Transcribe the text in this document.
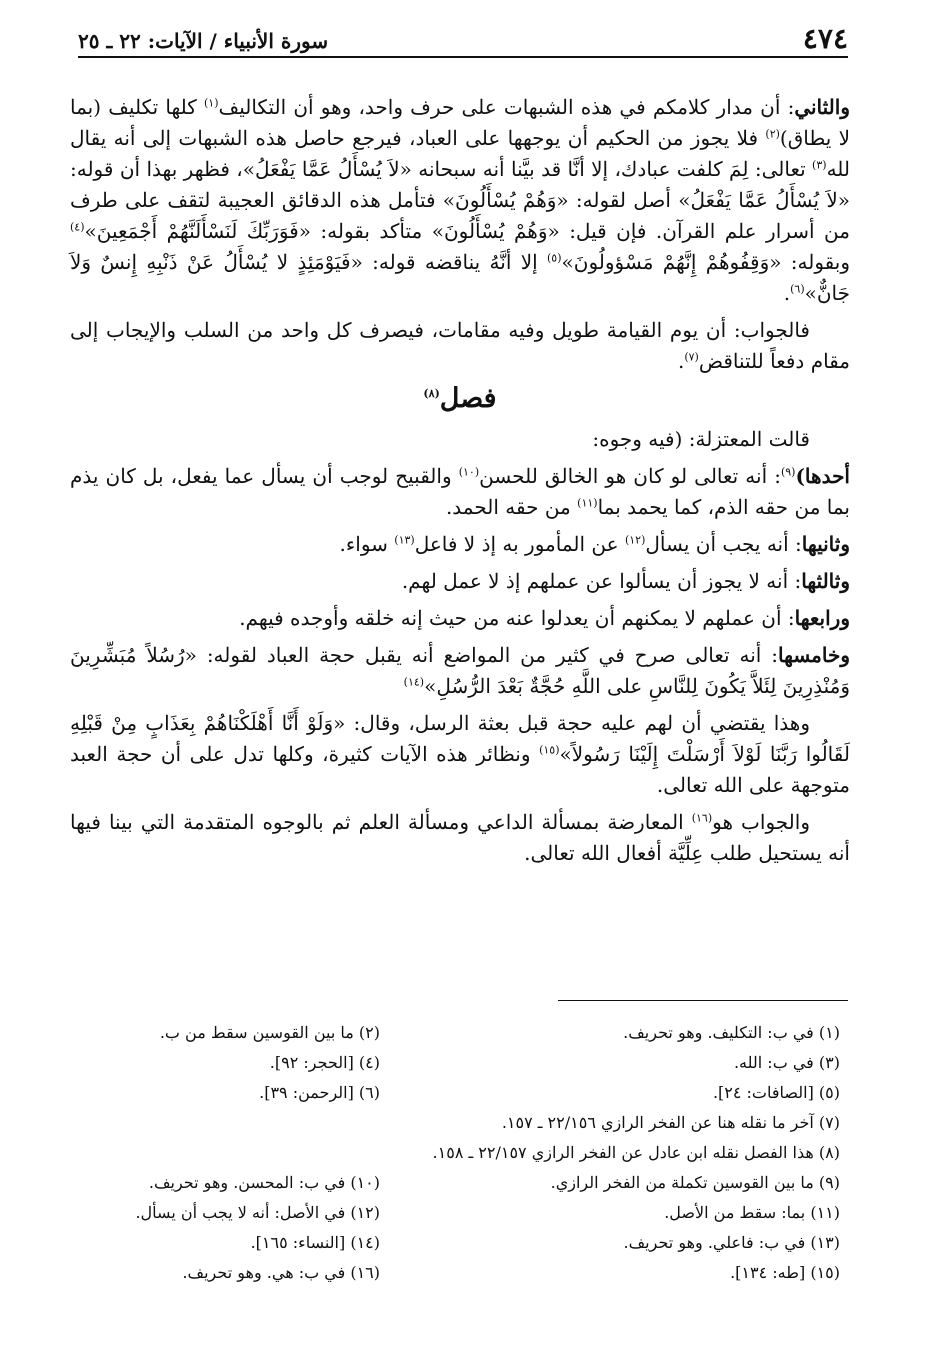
٤٧٤
سورة الأنبياء / الآيات: ٢٢ ـ ٢٥

والثاني: أن مدار كلامكم في هذه الشبهات على حرف واحد، وهو أن التكاليف$^{(١)}$ كلها تكليف (بما لا يطاق)$^{(٢)}$ فلا يجوز من الحكيم أن يوجهها على العباد، فيرجع حاصل هذه الشبهات إلى أنه يقال لله$^{(٣)}$ تعالى: لِمَ كلفت عبادك، إلا أنَّا قد بيَّنا أنه سبحانه «لاَ يُسْأَلُ عَمَّا يَفْعَلُ»، فظهر بهذا أن قوله: «لاَ يُسْأَلُ عَمَّا يَفْعَلُ» أصل لقوله: «وَهُمْ يُسْأَلُونَ» فتأمل هذه الدقائق العجيبة لتقف على طرف من أسرار علم القرآن. فإن قيل: «وَهُمْ يُسْأَلُونَ» متأكد بقوله: «فَوَرَبِّكَ لَنَسْأَلَنَّهُمْ أَجْمَعِينَ»$^{(٤)}$ وبقوله: «وَقِفُوهُمْ إِنَّهُمْ مَسْؤولُونَ»$^{(٥)}$ إلا أنَّهُ يناقضه قوله: «فَيَوْمَئِذٍ لا يُسْأَلُ عَنْ ذَنْبِهِ إِنسٌ وَلاَ جَانٌّ»$^{(٦)}$.

فالجواب: أن يوم القيامة طويل وفيه مقامات، فيصرف كل واحد من السلب والإيجاب إلى مقام دفعاً للتناقض$^{(٧)}$.

فصل$^{(٨)}$

قالت المعتزلة: (فيه وجوه:

أحدها)$^{(٩)}$: أنه تعالى لو كان هو الخالق للحسن$^{(١٠)}$ والقبيح لوجب أن يسأل عما يفعل، بل كان يذم بما من حقه الذم، كما يحمد بما$^{(١١)}$ من حقه الحمد.

وثانيها: أنه يجب أن يسأل$^{(١٢)}$ عن المأمور به إذ لا فاعل$^{(١٣)}$ سواء.

وثالثها: أنه لا يجوز أن يسألوا عن عملهم إذ لا عمل لهم.

ورابعها: أن عملهم لا يمكنهم أن يعدلوا عنه من حيث إنه خلقه وأوجده فيهم.

وخامسها: أنه تعالى صرح في كثير من المواضع أنه يقبل حجة العباد لقوله: «رُسُلاً مُبَشِّرِينَ وَمُنْذِرِينَ لِئَلاَّ يَكُونَ لِلنَّاسِ على اللَّهِ حُجَّةٌ بَعْدَ الرُّسُلِ»$^{(١٤)}$

وهذا يقتضي أن لهم عليه حجة قبل بعثة الرسل، وقال: «وَلَوْ أَنَّا أَهْلَكْنَاهُمْ بِعَذَابٍ مِنْ قَبْلِهِ لَقَالُوا رَبَّنَا لَوْلاَ أَرْسَلْتَ إِلَيْنَا رَسُولاً»$^{(١٥)}$ ونظائر هذه الآيات كثيرة، وكلها تدل على أن حجة العبد متوجهة على الله تعالى.

والجواب هو$^{(١٦)}$ المعارضة بمسألة الداعي ومسألة العلم ثم بالوجوه المتقدمة التي بينا فيها أنه يستحيل طلب عِلِّيَّة أفعال الله تعالى.

(١) في ب: التكليف. وهو تحريف.
(٢) ما بين القوسين سقط من ب.
(٣) في ب: الله.
(٤) [الحجر: ٩٢].
(٥) [الصافات: ٢٤].
(٦) [الرحمن: ٣٩].
(٧) آخر ما نقله هنا عن الفخر الرازي ٢٢/١٥٦ ـ ١٥٧.
(٨) هذا الفصل نقله ابن عادل عن الفخر الرازي ٢٢/١٥٧ ـ ١٥٨.
(٩) ما بين القوسين تكملة من الفخر الرازي.
(١٠) في ب: المحسن. وهو تحريف.
(١١) بما: سقط من الأصل.
(١٢) في الأصل: أنه لا يجب أن يسأل.
(١٣) في ب: فاعلي. وهو تحريف.
(١٤) [النساء: ١٦٥].
(١٥) [طه: ١٣٤].
(١٦) في ب: هي. وهو تحريف.
